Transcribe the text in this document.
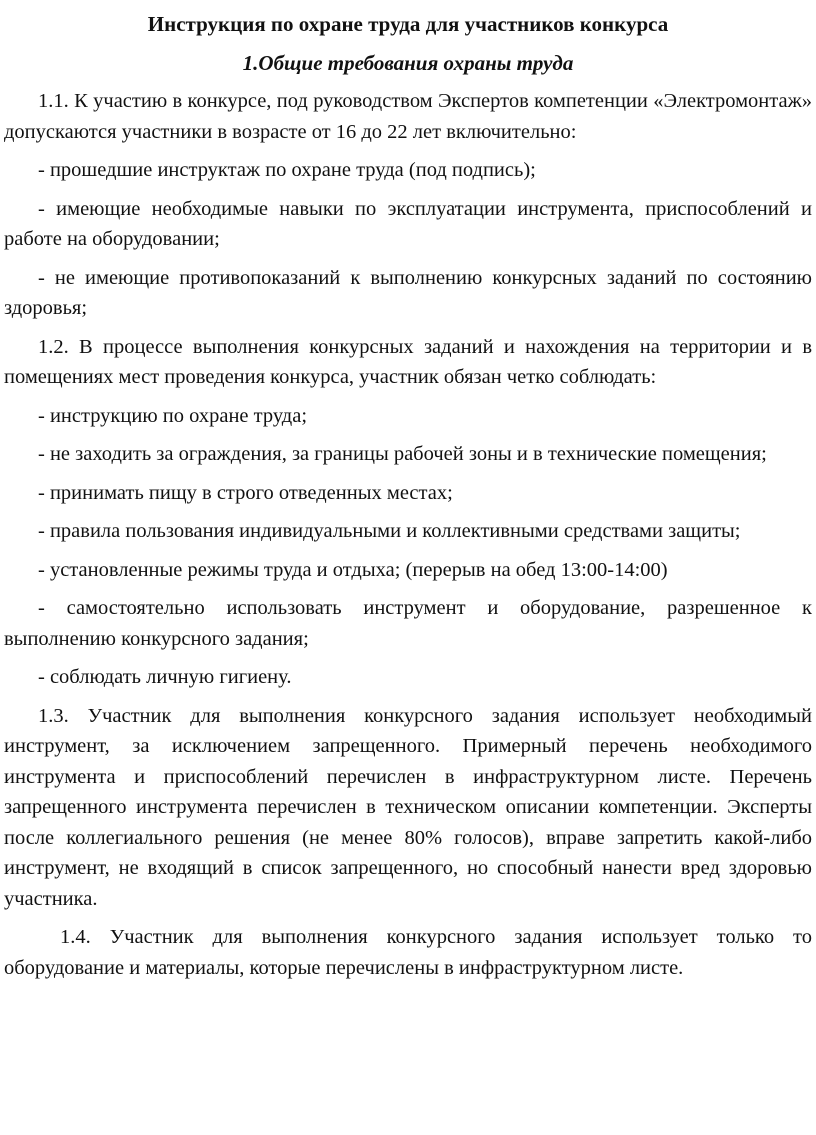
Инструкция по охране труда для участников конкурса
1.Общие требования охраны труда

1.1. К участию в конкурсе, под руководством Экспертов компетенции «Электромонтаж» допускаются участники в возрасте от 16 до 22 лет включительно:

- прошедшие инструктаж по охране труда (под подпись);

- имеющие необходимые навыки по эксплуатации инструмента, приспособлений и работе на оборудовании;

- не имеющие противопоказаний к выполнению конкурсных заданий по состоянию здоровья;

1.2. В процессе выполнения конкурсных заданий и нахождения на территории и в помещениях мест проведения конкурса, участник обязан четко соблюдать:

- инструкцию по охране труда;

- не заходить за ограждения, за границы рабочей зоны и в технические помещения;

- принимать пищу в строго отведенных местах;

- правила пользования индивидуальными и коллективными средствами защиты;

- установленные режимы труда и отдыха; (перерыв на обед 13:00-14:00)

- самостоятельно использовать инструмент и оборудование, разрешенное к выполнению конкурсного задания;

- соблюдать личную гигиену.

1.3. Участник для выполнения конкурсного задания использует необходимый инструмент, за исключением запрещенного. Примерный перечень необходимого инструмента и приспособлений перечислен в инфраструктурном листе. Перечень запрещенного инструмента перечислен в техническом описании компетенции. Эксперты после коллегиального решения (не менее 80% голосов), вправе запретить какой-либо инструмент, не входящий в список запрещенного, но способный нанести вред здоровью участника.

1.4. Участник для выполнения конкурсного задания использует только то оборудование и материалы, которые перечислены в инфраструктурном листе.
